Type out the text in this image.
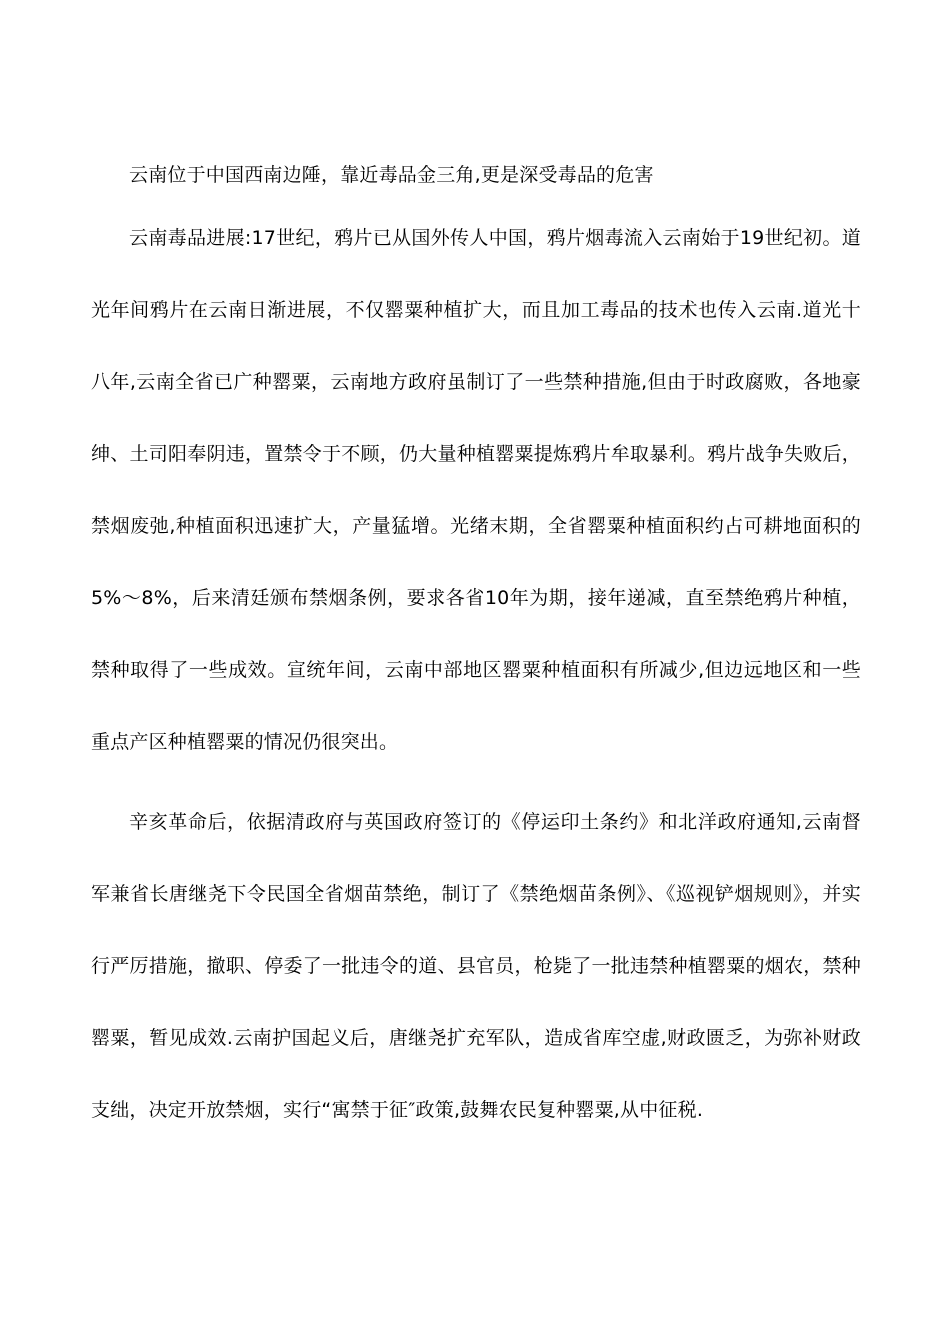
云南位于中国西南边陲，靠近毒品金三角,更是深受毒品的危害

云南毒品进展:17世纪，鸦片已从国外传人中国，鸦片烟毒流入云南始于19世纪初。道光年间鸦片在云南日渐进展，不仅罂粟种植扩大，而且加工毒品的技术也传入云南.道光十八年,云南全省已广种罂粟，云南地方政府虽制订了一些禁种措施,但由于时政腐败，各地豪绅、土司阳奉阴违，置禁令于不顾，仍大量种植罂粟提炼鸦片牟取暴利。鸦片战争失败后，禁烟废弛,种植面积迅速扩大，产量猛增。光绪末期，全省罂粟种植面积约占可耕地面积的5%～8%，后来清廷颁布禁烟条例，要求各省10年为期，接年递减，直至禁绝鸦片种植，禁种取得了一些成效。宣统年间，云南中部地区罂粟种植面积有所减少,但边远地区和一些重点产区种植罂粟的情况仍很突出。

辛亥革命后，依据清政府与英国政府签订的《停运印土条约》和北洋政府通知,云南督军兼省长唐继尧下令民国全省烟苗禁绝，制订了《禁绝烟苗条例》、《巡视铲烟规则》，并实行严厉措施，撤职、停委了一批违令的道、县官员，枪毙了一批违禁种植罂粟的烟农，禁种罂粟，暂见成效.云南护国起义后，唐继尧扩充军队，造成省库空虚,财政匮乏，为弥补财政支绌，决定开放禁烟，实行“寓禁于征″政策,鼓舞农民复种罂粟,从中征税.
